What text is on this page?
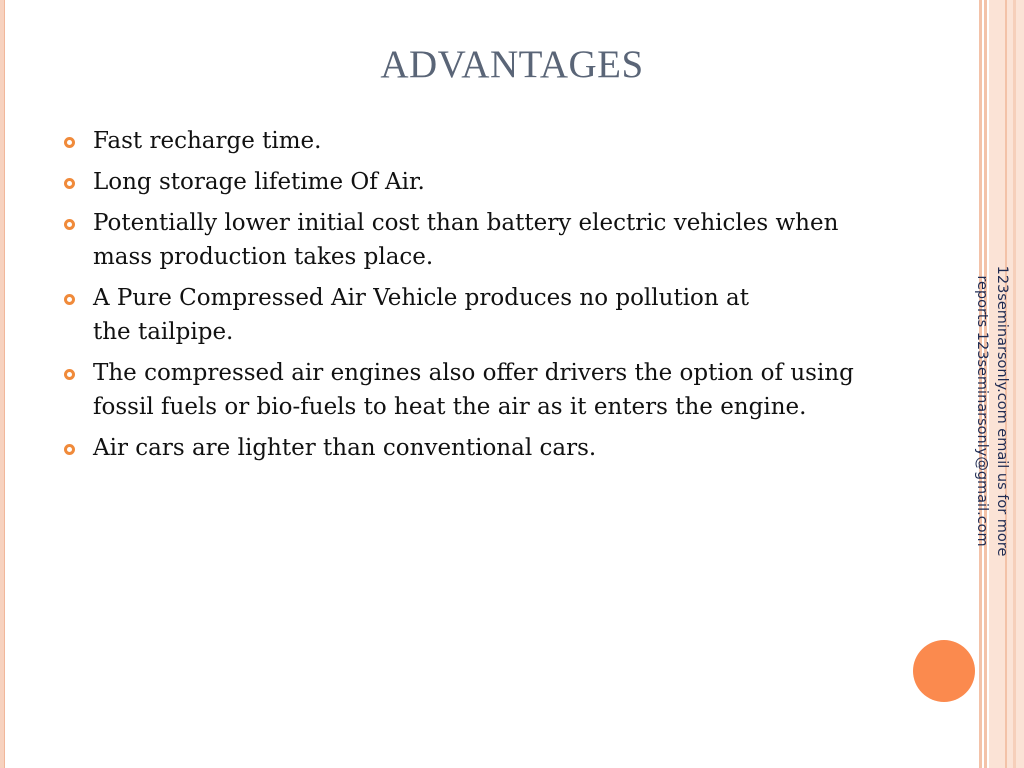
ADVANTAGES
Fast recharge time.
Long storage lifetime Of Air.
Potentially lower initial cost than battery electric vehicles when
mass production takes place.
A Pure Compressed Air Vehicle produces no pollution at
the tailpipe.
The compressed air engines also offer drivers the option of using
fossil fuels or bio-fuels to heat the air as it enters the engine.
Air cars are lighter than conventional cars.	123seminarsonly.com email us for more
reports 123seminarsonly@gmail.com
